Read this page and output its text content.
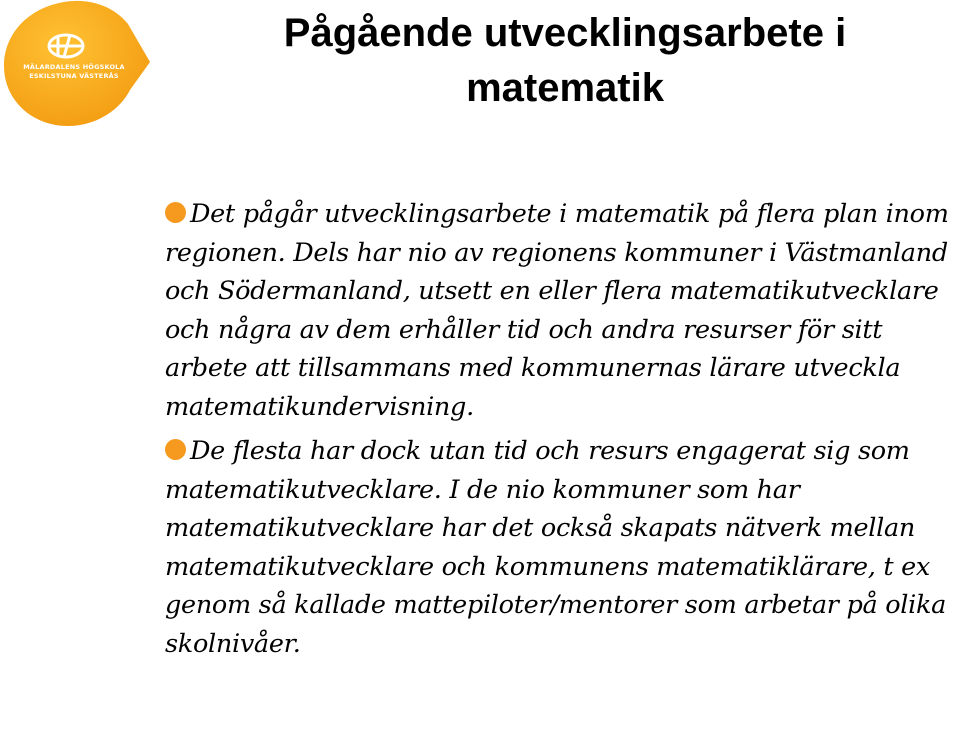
MÄLARDALENS HÖGSKOLA
ESKILSTUNA VÄSTERÅS
Pågående utvecklingsarbete i
matematik
Det pågår utvecklingsarbete i matematik på flera plan inom regionen. Dels har nio av regionens kommuner i Västmanland och Södermanland, utsett en eller flera matematikutvecklare och några av dem erhåller tid och andra resurser för sitt arbete att tillsammans med kommunernas lärare utveckla matematikundervisning.
De flesta har dock utan tid och resurs engagerat sig som matematikutvecklare. I de nio kommuner som har matematikutvecklare har det också skapats nätverk mellan matematikutvecklare och kommunens matematiklärare, t ex genom så kallade mattepiloter/mentorer som arbetar på olika skolnivåer.
